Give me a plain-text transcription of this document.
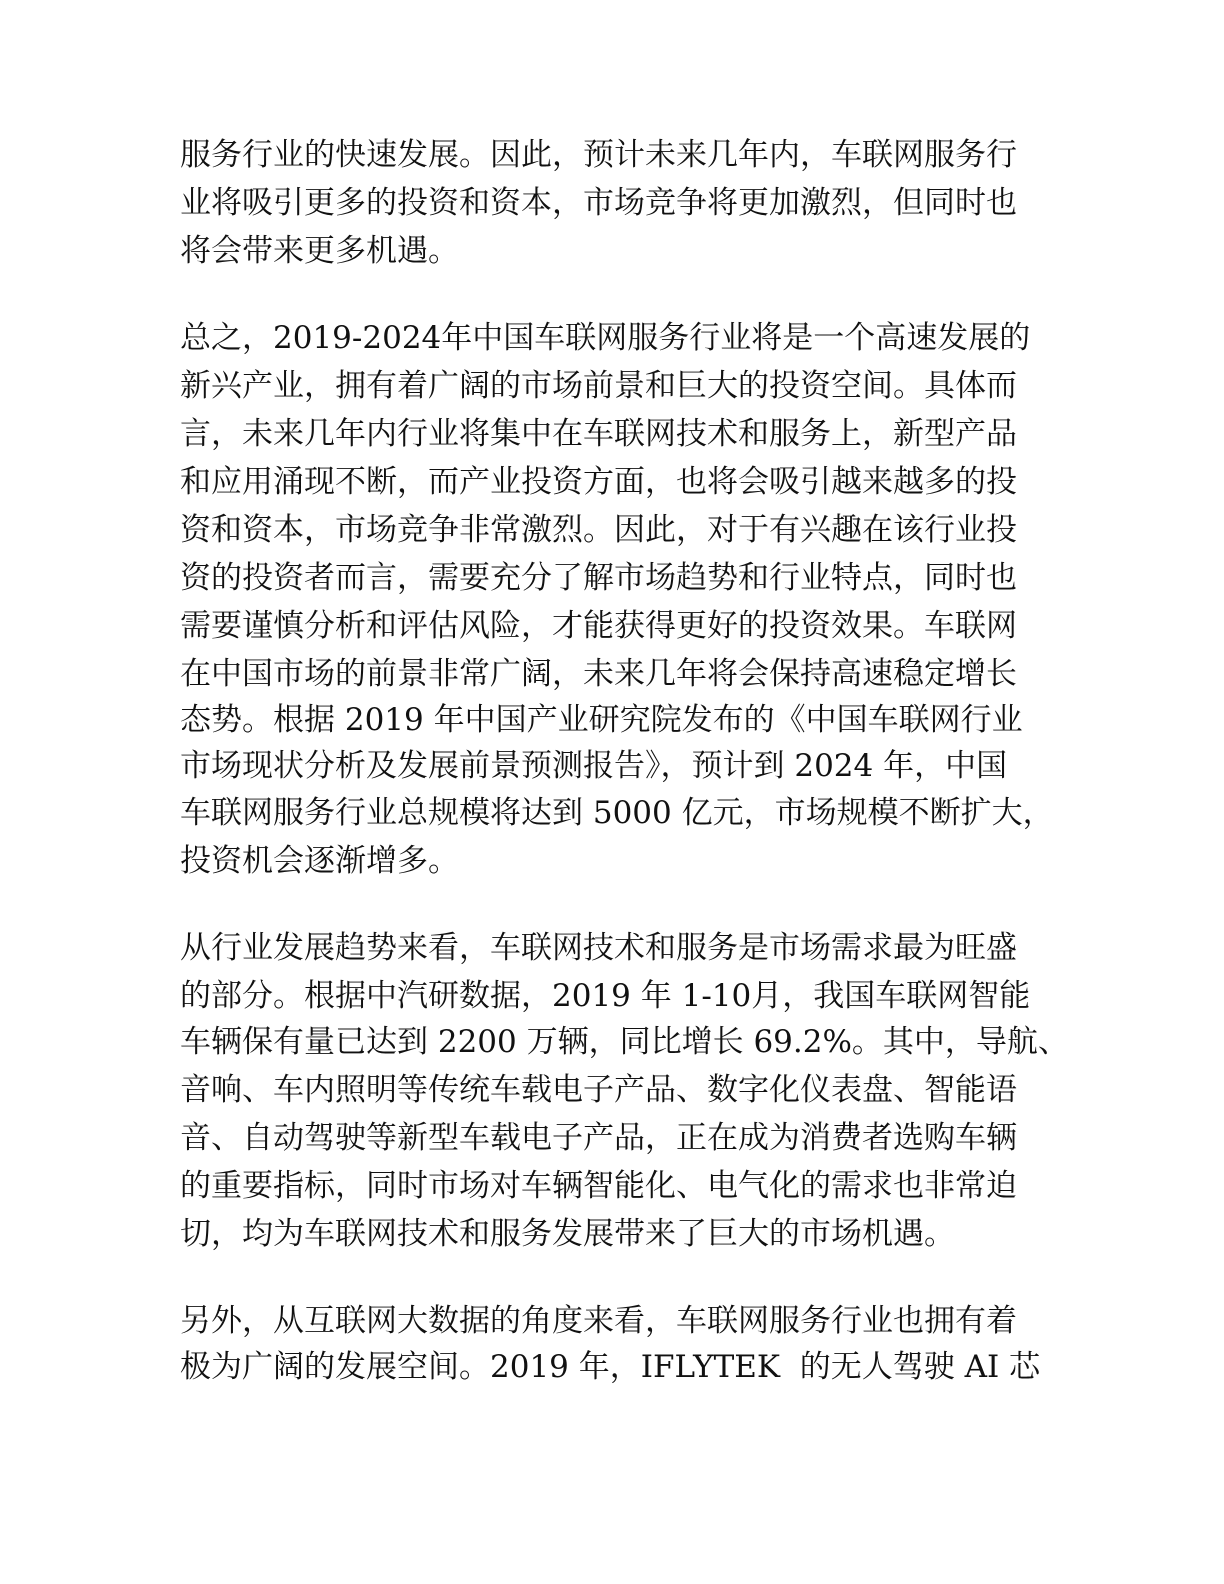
服务行业的快速发展。因此，预计未来几年内，车联网服务行
业将吸引更多的投资和资本，市场竞争将更加激烈，但同时也
将会带来更多机遇。
总之，2019-2024年中国车联网服务行业将是一个高速发展的
新兴产业，拥有着广阔的市场前景和巨大的投资空间。具体而
言，未来几年内行业将集中在车联网技术和服务上，新型产品
和应用涌现不断，而产业投资方面，也将会吸引越来越多的投
资和资本，市场竞争非常激烈。因此，对于有兴趣在该行业投
资的投资者而言，需要充分了解市场趋势和行业特点，同时也
需要谨慎分析和评估风险，才能获得更好的投资效果。车联网
在中国市场的前景非常广阔，未来几年将会保持高速稳定增长
态势。根据 2019 年中国产业研究院发布的《中国车联网行业
市场现状分析及发展前景预测报告》，预计到 2024 年，中国
车联网服务行业总规模将达到 5000 亿元，市场规模不断扩大，
投资机会逐渐增多。
从行业发展趋势来看，车联网技术和服务是市场需求最为旺盛
的部分。根据中汽研数据，2019 年 1-10月，我国车联网智能
车辆保有量已达到 2200 万辆，同比增长 69.2%。其中，导航、
音响、车内照明等传统车载电子产品、数字化仪表盘、智能语
音、自动驾驶等新型车载电子产品，正在成为消费者选购车辆
的重要指标，同时市场对车辆智能化、电气化的需求也非常迫
切，均为车联网技术和服务发展带来了巨大的市场机遇。
另外，从互联网大数据的角度来看，车联网服务行业也拥有着
极为广阔的发展空间。2019 年，IFLYTEK  的无人驾驶 AI 芯
